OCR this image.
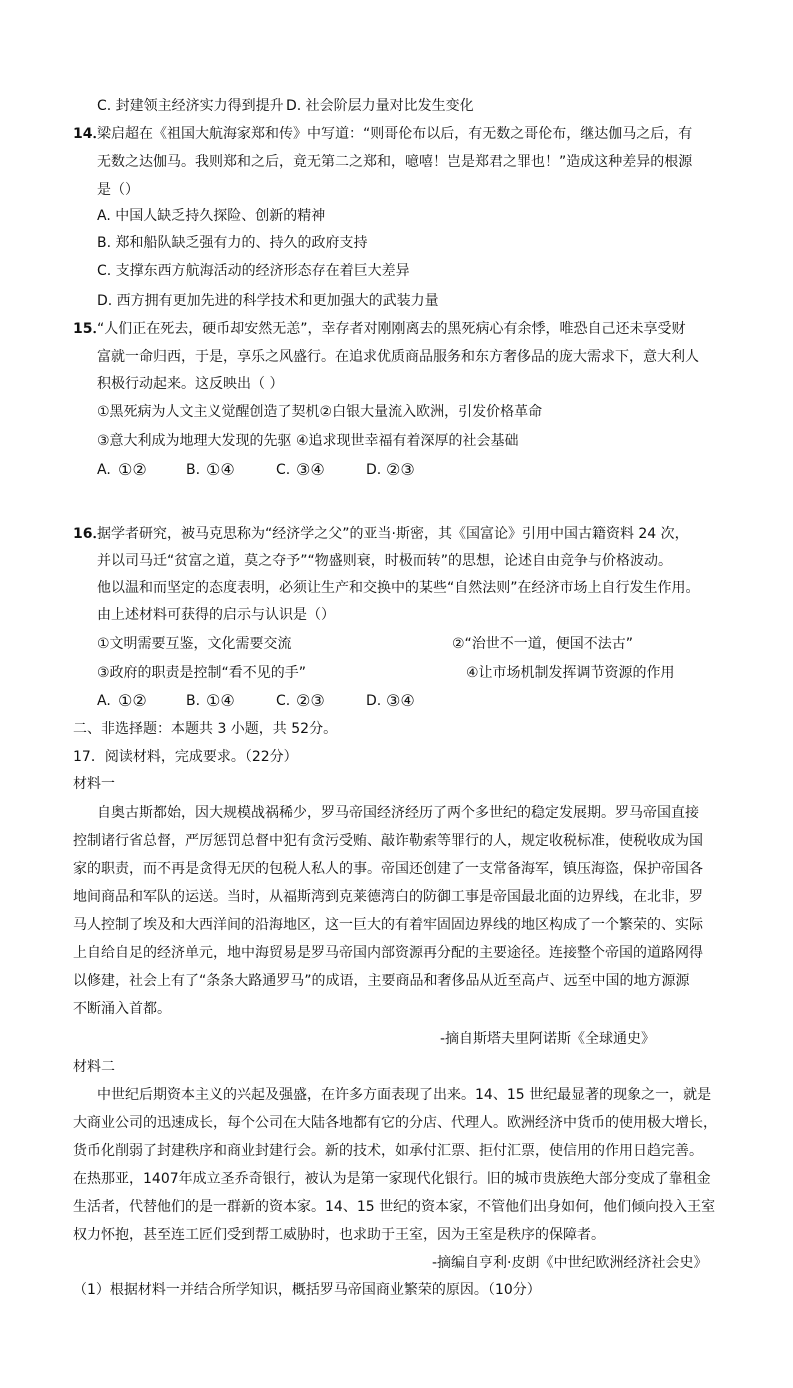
C. 封建领主经济实力得到提升 D. 社会阶层力量对比发生变化
14．
梁启超在《祖国大航海家郑和传》中写道：“则哥伦布以后，有无数之哥伦布，继达伽马之后，有
无数之达伽马。我则郑和之后，竟无第二之郑和，噫嘻！岂是郑君之罪也！”造成这种差异的根源
是（）
A. 中国人缺乏持久探险、创新的精神
B. 郑和船队缺乏强有力的、持久的政府支持
C. 支撑东西方航海活动的经济形态存在着巨大差异
D. 西方拥有更加先进的科学技术和更加强大的武装力量
15．
“人们正在死去，硬币却安然无恙”，幸存者对刚刚离去的黑死病心有余悸，唯恐自己还未享受财
富就一命归西，于是，享乐之风盛行。在追求优质商品服务和东方奢侈品的庞大需求下，意大利人
积极行动起来。这反映出（ ）
①黑死病为人文主义觉醒创造了契机②白银大量流入欧洲，引发价格革命
③意大利成为地理大发现的先驱 ④追求现世幸福有着深厚的社会基础
A. ①②	B. ①④	C. ③④	D. ②③
16．
据学者研究，被马克思称为“经济学之父”的亚当·斯密，其《国富论》引用中国古籍资料 24 次，
并以司马迁“贫富之道，莫之夺予”“物盛则衰，时极而转”的思想，论述自由竞争与价格波动。
他以温和而坚定的态度表明，必须让生产和交换中的某些“自然法则”在经济市场上自行发生作用。
由上述材料可获得的启示与认识是（）
①文明需要互鉴，文化需要交流	②“治世不一道，便国不法古”
③政府的职责是控制“看不见的手”	④让市场机制发挥调节资源的作用
A. ①②	B. ①④	C. ②③	D. ③④
二、非选择题：本题共 3 小题，共 52分。
17．阅读材料，完成要求。（22分）
材料一
自奥古斯都始，因大规模战祸稀少，罗马帝国经济经历了两个多世纪的稳定发展期。罗马帝国直接
控制诸行省总督，严厉惩罚总督中犯有贪污受贿、敲诈勒索等罪行的人，规定收税标准，使税收成为国
家的职责，而不再是贪得无厌的包税人私人的事。帝国还创建了一支常备海军，镇压海盗，保护帝国各
地间商品和军队的运送。当时，从福斯湾到克莱德湾白的防御工事是帝国最北面的边界线，在北非，罗
马人控制了埃及和大西洋间的沿海地区，这一巨大的有着牢固固边界线的地区构成了一个繁荣的、实际
上自给自足的经济单元，地中海贸易是罗马帝国内部资源再分配的主要途径。连接整个帝国的道路网得
以修建，社会上有了“条条大路通罗马”的成语，主要商品和奢侈品从近至高卢、远至中国的地方源源
不断涌入首都。
-摘自斯塔夫里阿诺斯《全球通史》
材料二
中世纪后期资本主义的兴起及强盛，在许多方面表现了出来。14、15 世纪最显著的现象之一，就是
大商业公司的迅速成长，每个公司在大陆各地都有它的分店、代理人。欧洲经济中货币的使用极大增长，
货币化削弱了封建秩序和商业封建行会。新的技术，如承付汇票、拒付汇票，使信用的作用日趋完善。
在热那亚，1407年成立圣乔奇银行，被认为是第一家现代化银行。旧的城市贵族绝大部分变成了靠租金
生活者，代替他们的是一群新的资本家。14、15 世纪的资本家，不管他们出身如何，他们倾向投入王室
权力怀抱，甚至连工匠们受到帮工威胁时，也求助于王室，因为王室是秩序的保障者。
-摘编自亨利·皮朗《中世纪欧洲经济社会史》
（1）根据材料一并结合所学知识，概括罗马帝国商业繁荣的原因。（10分）
